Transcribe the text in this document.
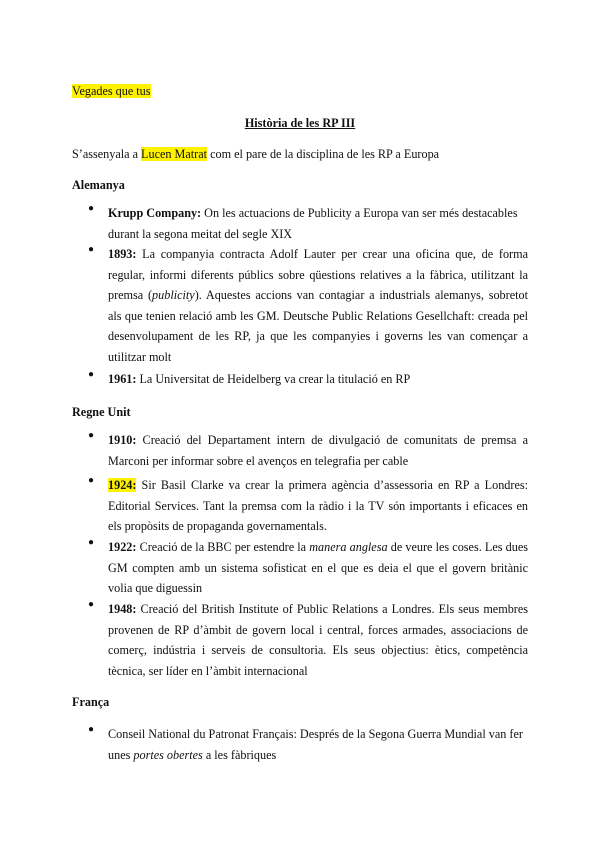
Vegades que tus
Història de les RP III
S’assenyala a Lucen Matrat com el pare de la disciplina de les RP a Europa
Alemanya
● Krupp Company: On les actuacions de Publicity a Europa van ser més destacables durant la segona meitat del segle XIX
● 1893: La companyia contracta Adolf Lauter per crear una oficina que, de forma regular, informi diferents públics sobre qüestions relatives a la fàbrica, utilitzant la premsa (publicity). Aquestes accions van contagiar a industrials alemanys, sobretot als que tenien relació amb les GM. Deutsche Public Relations Gesellchaft: creada pel desenvolupament de les RP, ja que les companyies i governs les van començar a utilitzar molt
● 1961: La Universitat de Heidelberg va crear la titulació en RP
Regne Unit
● 1910: Creació del Departament intern de divulgació de comunitats de premsa a Marconi per informar sobre el avenços en telegrafia per cable
● 1924: Sir Basil Clarke va crear la primera agència d’assessoria en RP a Londres: Editorial Services. Tant la premsa com la ràdio i la TV són importants i eficaces en els propòsits de propaganda governamentals.
● 1922: Creació de la BBC per estendre la manera anglesa de veure les coses. Les dues GM compten amb un sistema sofisticat en el que es deia el que el govern britànic volia que diguessin
● 1948: Creació del British Institute of Public Relations a Londres. Els seus membres provenen de RP d’àmbit de govern local i central, forces armades, associacions de comerç, indústria i serveis de consultoria. Els seus objectius: ètics, competència tècnica, ser líder en l’àmbit internacional
França
● Conseil National du Patronat Français: Després de la Segona Guerra Mundial van fer unes portes obertes a les fàbriques
